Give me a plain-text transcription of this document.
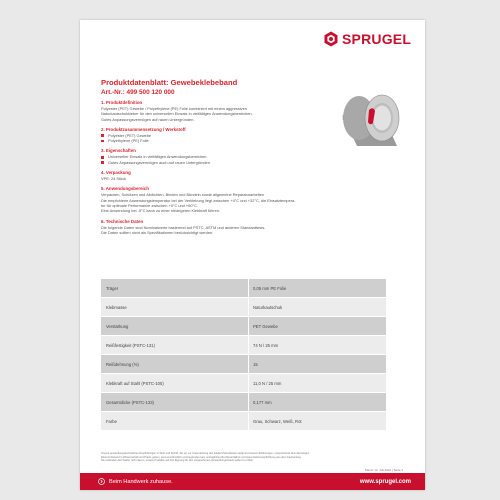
SPRUGEL
Produktdatenblatt: Gewebeklebeband
Art.-Nr.: 499 500 120 000
1. Produktdefinition
Polyester (PET) Gewebe / Polyethylene (PE) Folie kombiniert mit einem aggressiven
Naturkautschukkleber für den universellen Einsatz in vielfältigen Anwendungsbereichen.
Gutes Anpassungsvermögen auf rauen Untergründen.
2. Produktzusammensetzung / Werkstoff
Polyester (PET) Gewebe
Polyethylene (PE) Folie
3. Eigenschaften
Universeller Einsatz in vielfältigen Anwendungsbereichen
Gutes Anpassungsvermögen auch auf rauen Untergründen
4. Verpackung
VPE: 24 Stück
5. Anwendungsbereich
Verpacken, Schützen und Abdichten, Binden und Bündeln sowie allgemeine Reparaturarbeiten
Die empfohlene Anwendungstemperatur bei der Verklebung liegt zwischen +4°C und +32°C, die Einsatztempera-
tur für optimale Performance zwischen +0°C und +60°C.
Eine Anwendung bei -5°C kann zu einer niedrigeren Klebkraft führen.
6. Technische Daten
Die folgende Daten sind Nominalwerte basierend auf PSTC, ASTM und anderen Standardtests.
Die Daten sollten nicht als Spezifikationen berücksichtigt werden.
Träger	0,05 mm PE Folie
Klebmasse	Naturkautschuk
Verstärkung	PET Gewebe
Reißfestigkeit (PSTC-131)	74 N / 25 mm
Reißdehnung (%)	15
Klebkraft auf Stahl (PSTC-105)	11,0 N / 25 mm
Gesamtdicke (PSTC-133)	0,177 mm
Farbe	Grau, Schwarz, Weiß, Rot
Unsere anwendungstechnischen Empfehlungen in Wort und Schrift, die wir zur Unterstützung des Käufers/Verarbeiters aufgrund unserer Erfahrungen, entsprechend dem derzeitigen
Erkenntnisstand in Wissenschaft und Praxis geben, sind unverbindlich und begründen kein vertragliches Rechtsverhältnis und keine Nebenverpflichtung aus dem Kaufvertrag.
Sie entbinden den Käufer nicht davon, unsere Produkte auf ihre Eignung für den vorgesehenen Verwendungszweck selbst zu prüfen.
Stand: 12. Juli 2016 | Seite 1
Beim Handwerk zuhause.	www.sprugel.com
